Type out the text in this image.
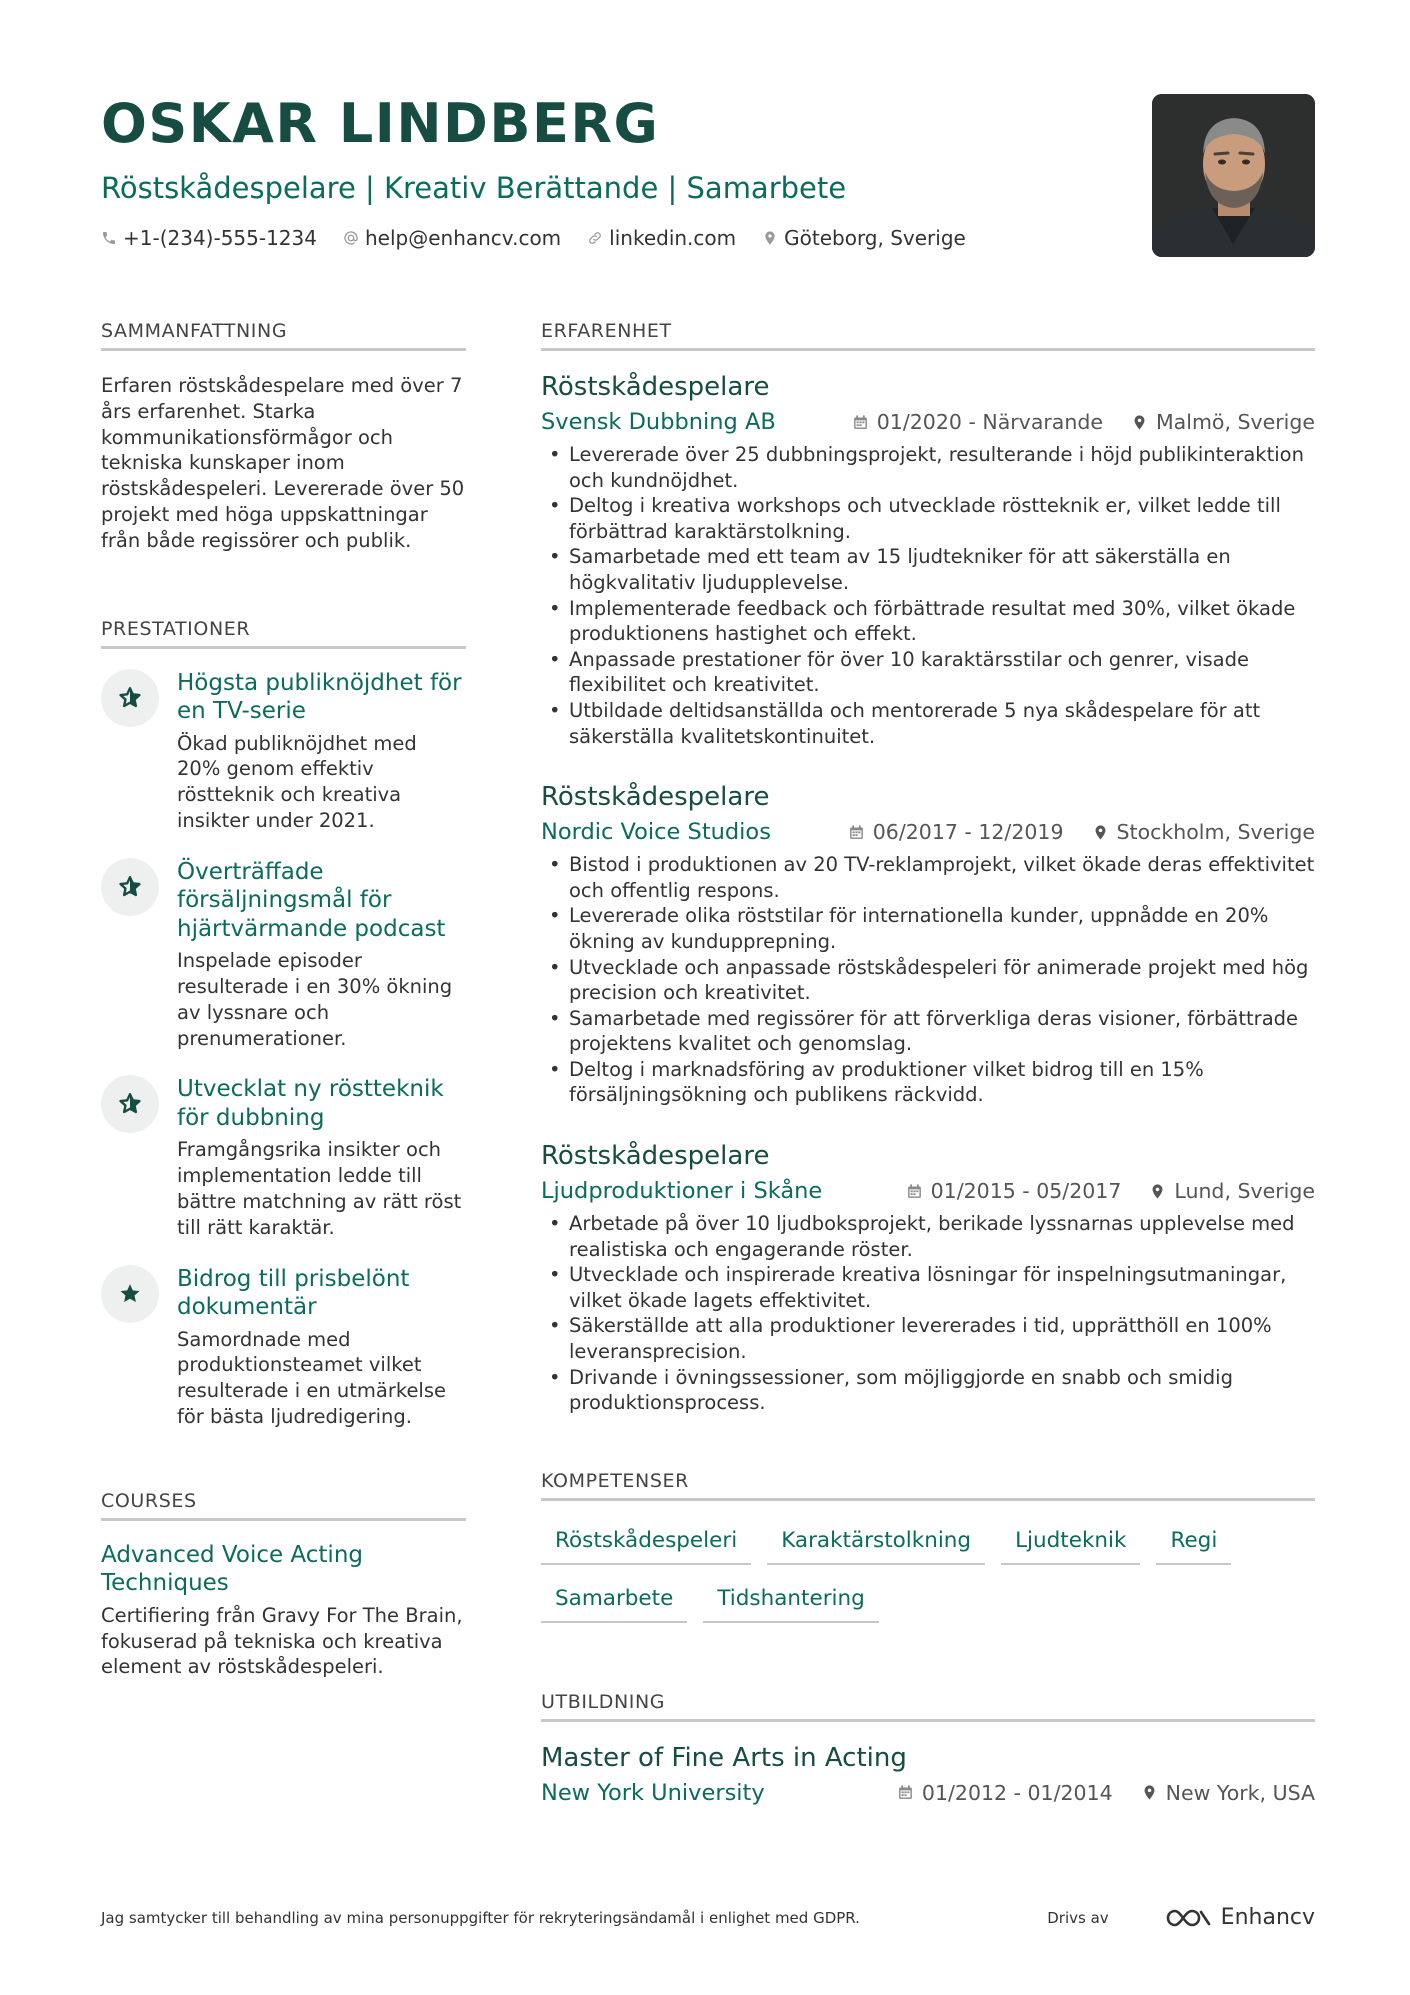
OSKAR LINDBERG
Röstskådespelare | Kreativ Berättande | Samarbete
+1-(234)-555-1234 help@enhancv.com linkedin.com Göteborg, Sverige
SAMMANFATTNING
Erfaren röstskådespelare med över 7 års erfarenhet. Starka kommunikationsförmågor och tekniska kunskaper inom röstskådespeleri. Levererade över 50 projekt med höga uppskattningar från både regissörer och publik.
PRESTATIONER
Högsta publiknöjdhet för en TV-serie
Ökad publiknöjdhet med 20% genom effektiv röstteknik och kreativa insikter under 2021.
Överträffade försäljningsmål för hjärtvärmande podcast
Inspelade episoder resulterade i en 30% ökning av lyssnare och prenumerationer.
Utvecklat ny röstteknik för dubbning
Framgångsrika insikter och implementation ledde till bättre matchning av rätt röst till rätt karaktär.
Bidrog till prisbelönt dokumentär
Samordnade med produktionsteamet vilket resulterade i en utmärkelse för bästa ljudredigering.
COURSES
Advanced Voice Acting Techniques
Certifiering från Gravy For The Brain, fokuserad på tekniska och kreativa element av röstskådespeleri.
ERFARENHET
Röstskådespelare
Svensk Dubbning AB	01/2020 - Närvarande	Malmö, Sverige
• Levererade över 25 dubbningsprojekt, resulterande i höjd publikinteraktion och kundnöjdhet.
• Deltog i kreativa workshops och utvecklade röstteknik er, vilket ledde till förbättrad karaktärstolkning.
• Samarbetade med ett team av 15 ljudtekniker för att säkerställa en högkvalitativ ljudupplevelse.
• Implementerade feedback och förbättrade resultat med 30%, vilket ökade produktionens hastighet och effekt.
• Anpassade prestationer för över 10 karaktärsstilar och genrer, visade flexibilitet och kreativitet.
• Utbildade deltidsanställda och mentorerade 5 nya skådespelare för att säkerställa kvalitetskontinuitet.
Röstskådespelare
Nordic Voice Studios	06/2017 - 12/2019	Stockholm, Sverige
• Bistod i produktionen av 20 TV-reklamprojekt, vilket ökade deras effektivitet och offentlig respons.
• Levererade olika röststilar för internationella kunder, uppnådde en 20% ökning av kundupprepning.
• Utvecklade och anpassade röstskådespeleri för animerade projekt med hög precision och kreativitet.
• Samarbetade med regissörer för att förverkliga deras visioner, förbättrade projektens kvalitet och genomslag.
• Deltog i marknadsföring av produktioner vilket bidrog till en 15% försäljningsökning och publikens räckvidd.
Röstskådespelare
Ljudproduktioner i Skåne	01/2015 - 05/2017	Lund, Sverige
• Arbetade på över 10 ljudboksprojekt, berikade lyssnarnas upplevelse med realistiska och engagerande röster.
• Utvecklade och inspirerade kreativa lösningar för inspelningsutmaningar, vilket ökade lagets effektivitet.
• Säkerställde att alla produktioner levererades i tid, upprätthöll en 100% leveransprecision.
• Drivande i övningssessioner, som möjliggjorde en snabb och smidig produktionsprocess.
KOMPETENSER
Röstskådespeleri	Karaktärstolkning	Ljudteknik	Regi
Samarbete	Tidshantering
UTBILDNING
Master of Fine Arts in Acting
New York University	01/2012 - 01/2014	New York, USA
Jag samtycker till behandling av mina personuppgifter för rekryteringsändamål i enlighet med GDPR.	Drivs av	Enhancv
